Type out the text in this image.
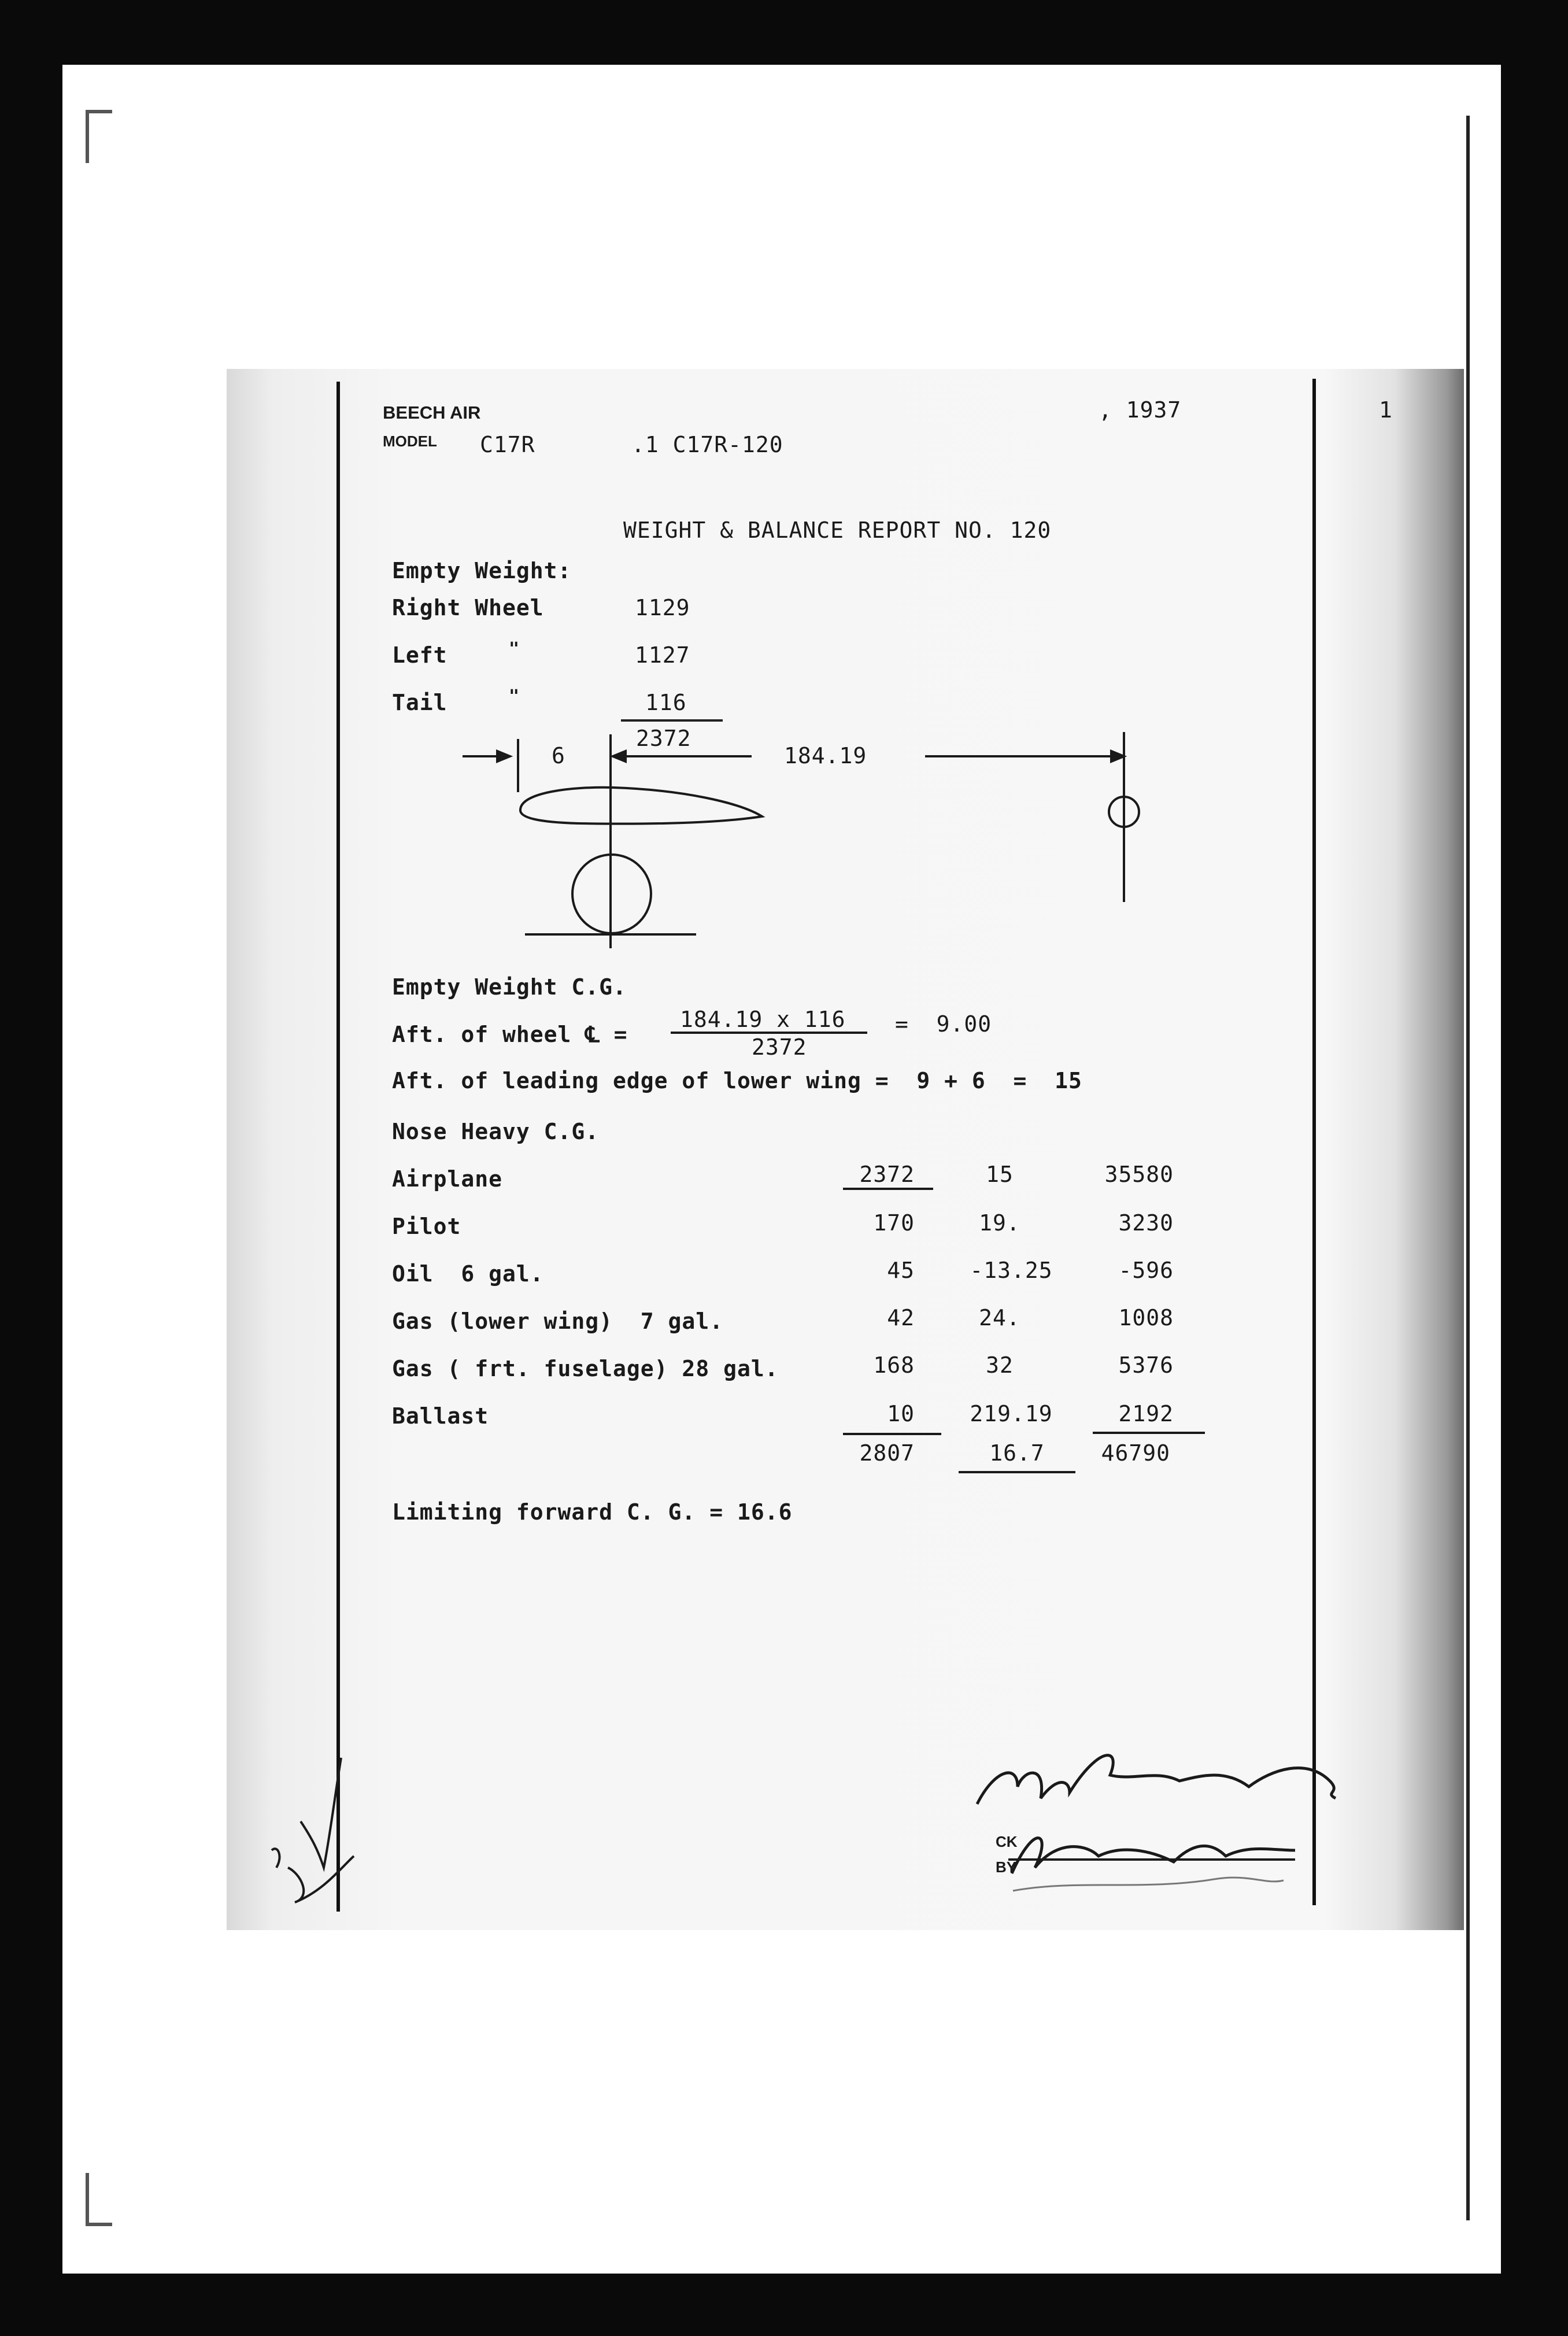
BEECH AIR
MODEL C17R	.1 C17R-120
, 1937	1
WEIGHT & BALANCE REPORT NO. 120
Empty Weight:
Right Wheel	1129
Left	"	1127
Tail	"	116
2372
6	184.19
Empty Weight C.G.
Aft. of wheel ℄ =
184.19 x 116
2372
=  9.00
Aft. of leading edge of lower wing =  9 + 6  =  15
Nose Heavy C.G.
Airplane	2372	15	35580
Pilot	170	19.	3230
Oil  6 gal.	45	-13.25	-596
Gas (lower wing)  7 gal.	42	24.	1008
Gas ( frt. fuselage) 28 gal.	168	32	5376
Ballast	10	219.19	2192
2807	16.7	46790
Limiting forward C. G. = 16.6
CK
BY
